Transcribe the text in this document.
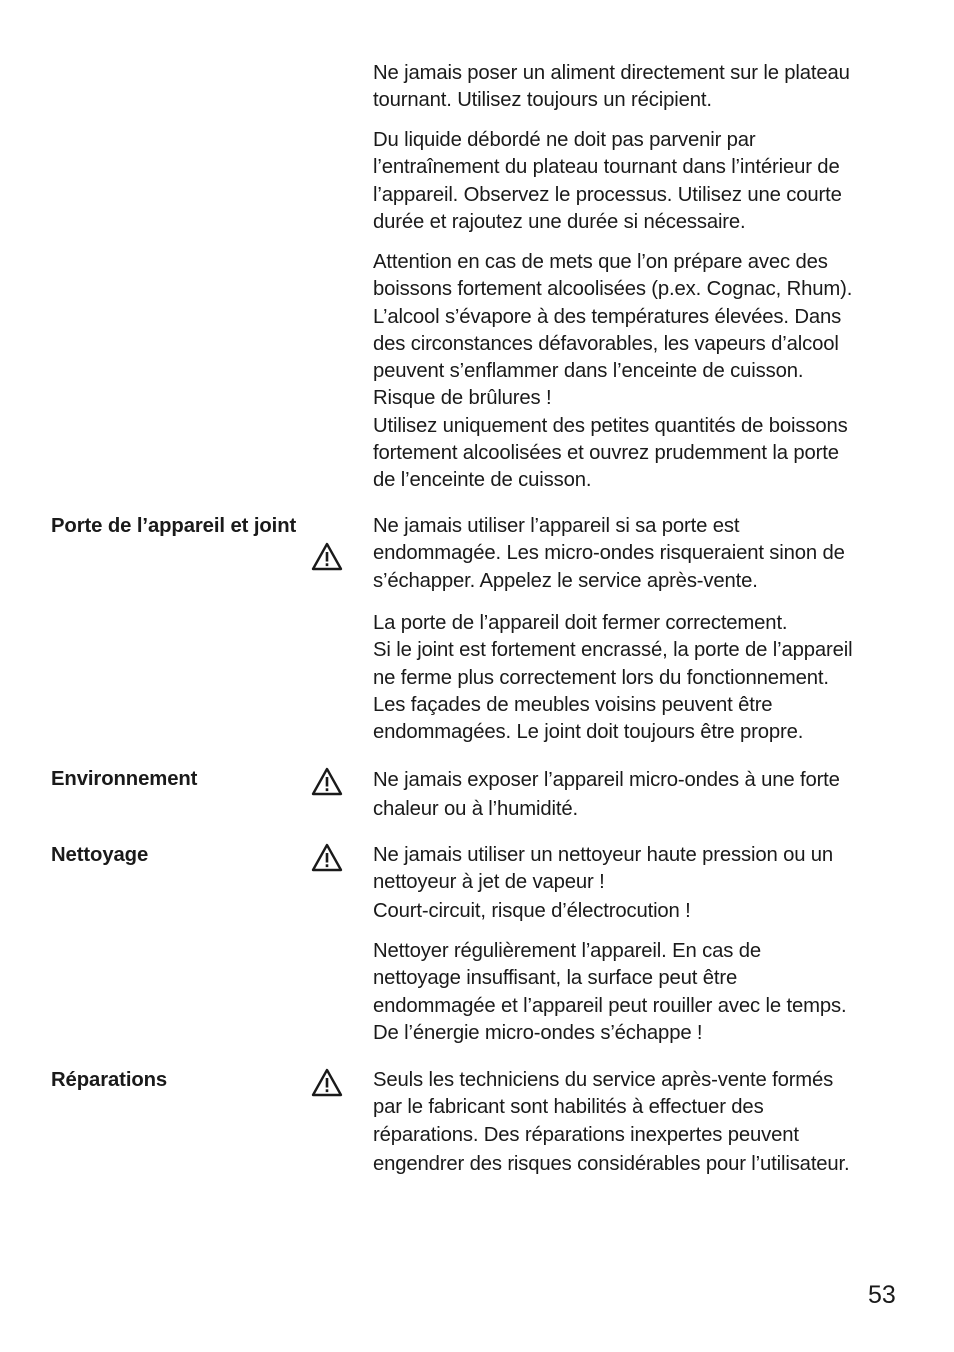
Ne jamais poser un aliment directement sur le plateau
tournant. Utilisez toujours un récipient.

Du liquide débordé ne doit pas parvenir par
l’entraînement du plateau tournant dans l’intérieur de
l’appareil. Observez le processus. Utilisez une courte
durée et rajoutez une durée si nécessaire.

Attention en cas de mets que l’on prépare avec des
boissons fortement alcoolisées (p.ex. Cognac, Rhum).
L’alcool s’évapore à des températures élevées. Dans
des circonstances défavorables, les vapeurs d’alcool
peuvent s’enflammer dans l’enceinte de cuisson.
Risque de brûlures !
Utilisez uniquement des petites quantités de boissons
fortement alcoolisées et ouvrez prudemment la porte
de l’enceinte de cuisson.

Porte de l’appareil et joint	Ne jamais utiliser l’appareil si sa porte est
endommagée. Les micro-ondes risqueraient sinon de
s’échapper. Appelez le service après-vente.

La porte de l’appareil doit fermer correctement.
Si le joint est fortement encrassé, la porte de l’appareil
ne ferme plus correctement lors du fonctionnement.
Les façades de meubles voisins peuvent être
endommagées. Le joint doit toujours être propre.

Environnement	Ne jamais exposer l’appareil micro-ondes à une forte
chaleur ou à l’humidité.

Nettoyage	Ne jamais utiliser un nettoyeur haute pression ou un
nettoyeur à jet de vapeur !
Court-circuit, risque d’électrocution !

Nettoyer régulièrement l’appareil. En cas de
nettoyage insuffisant, la surface peut être
endommagée et l’appareil peut rouiller avec le temps.
De l’énergie micro-ondes s’échappe !

Réparations	Seuls les techniciens du service après-vente formés
par le fabricant sont habilités à effectuer des
réparations. Des réparations inexpertes peuvent
engendrer des risques considérables pour l’utilisateur.

53
